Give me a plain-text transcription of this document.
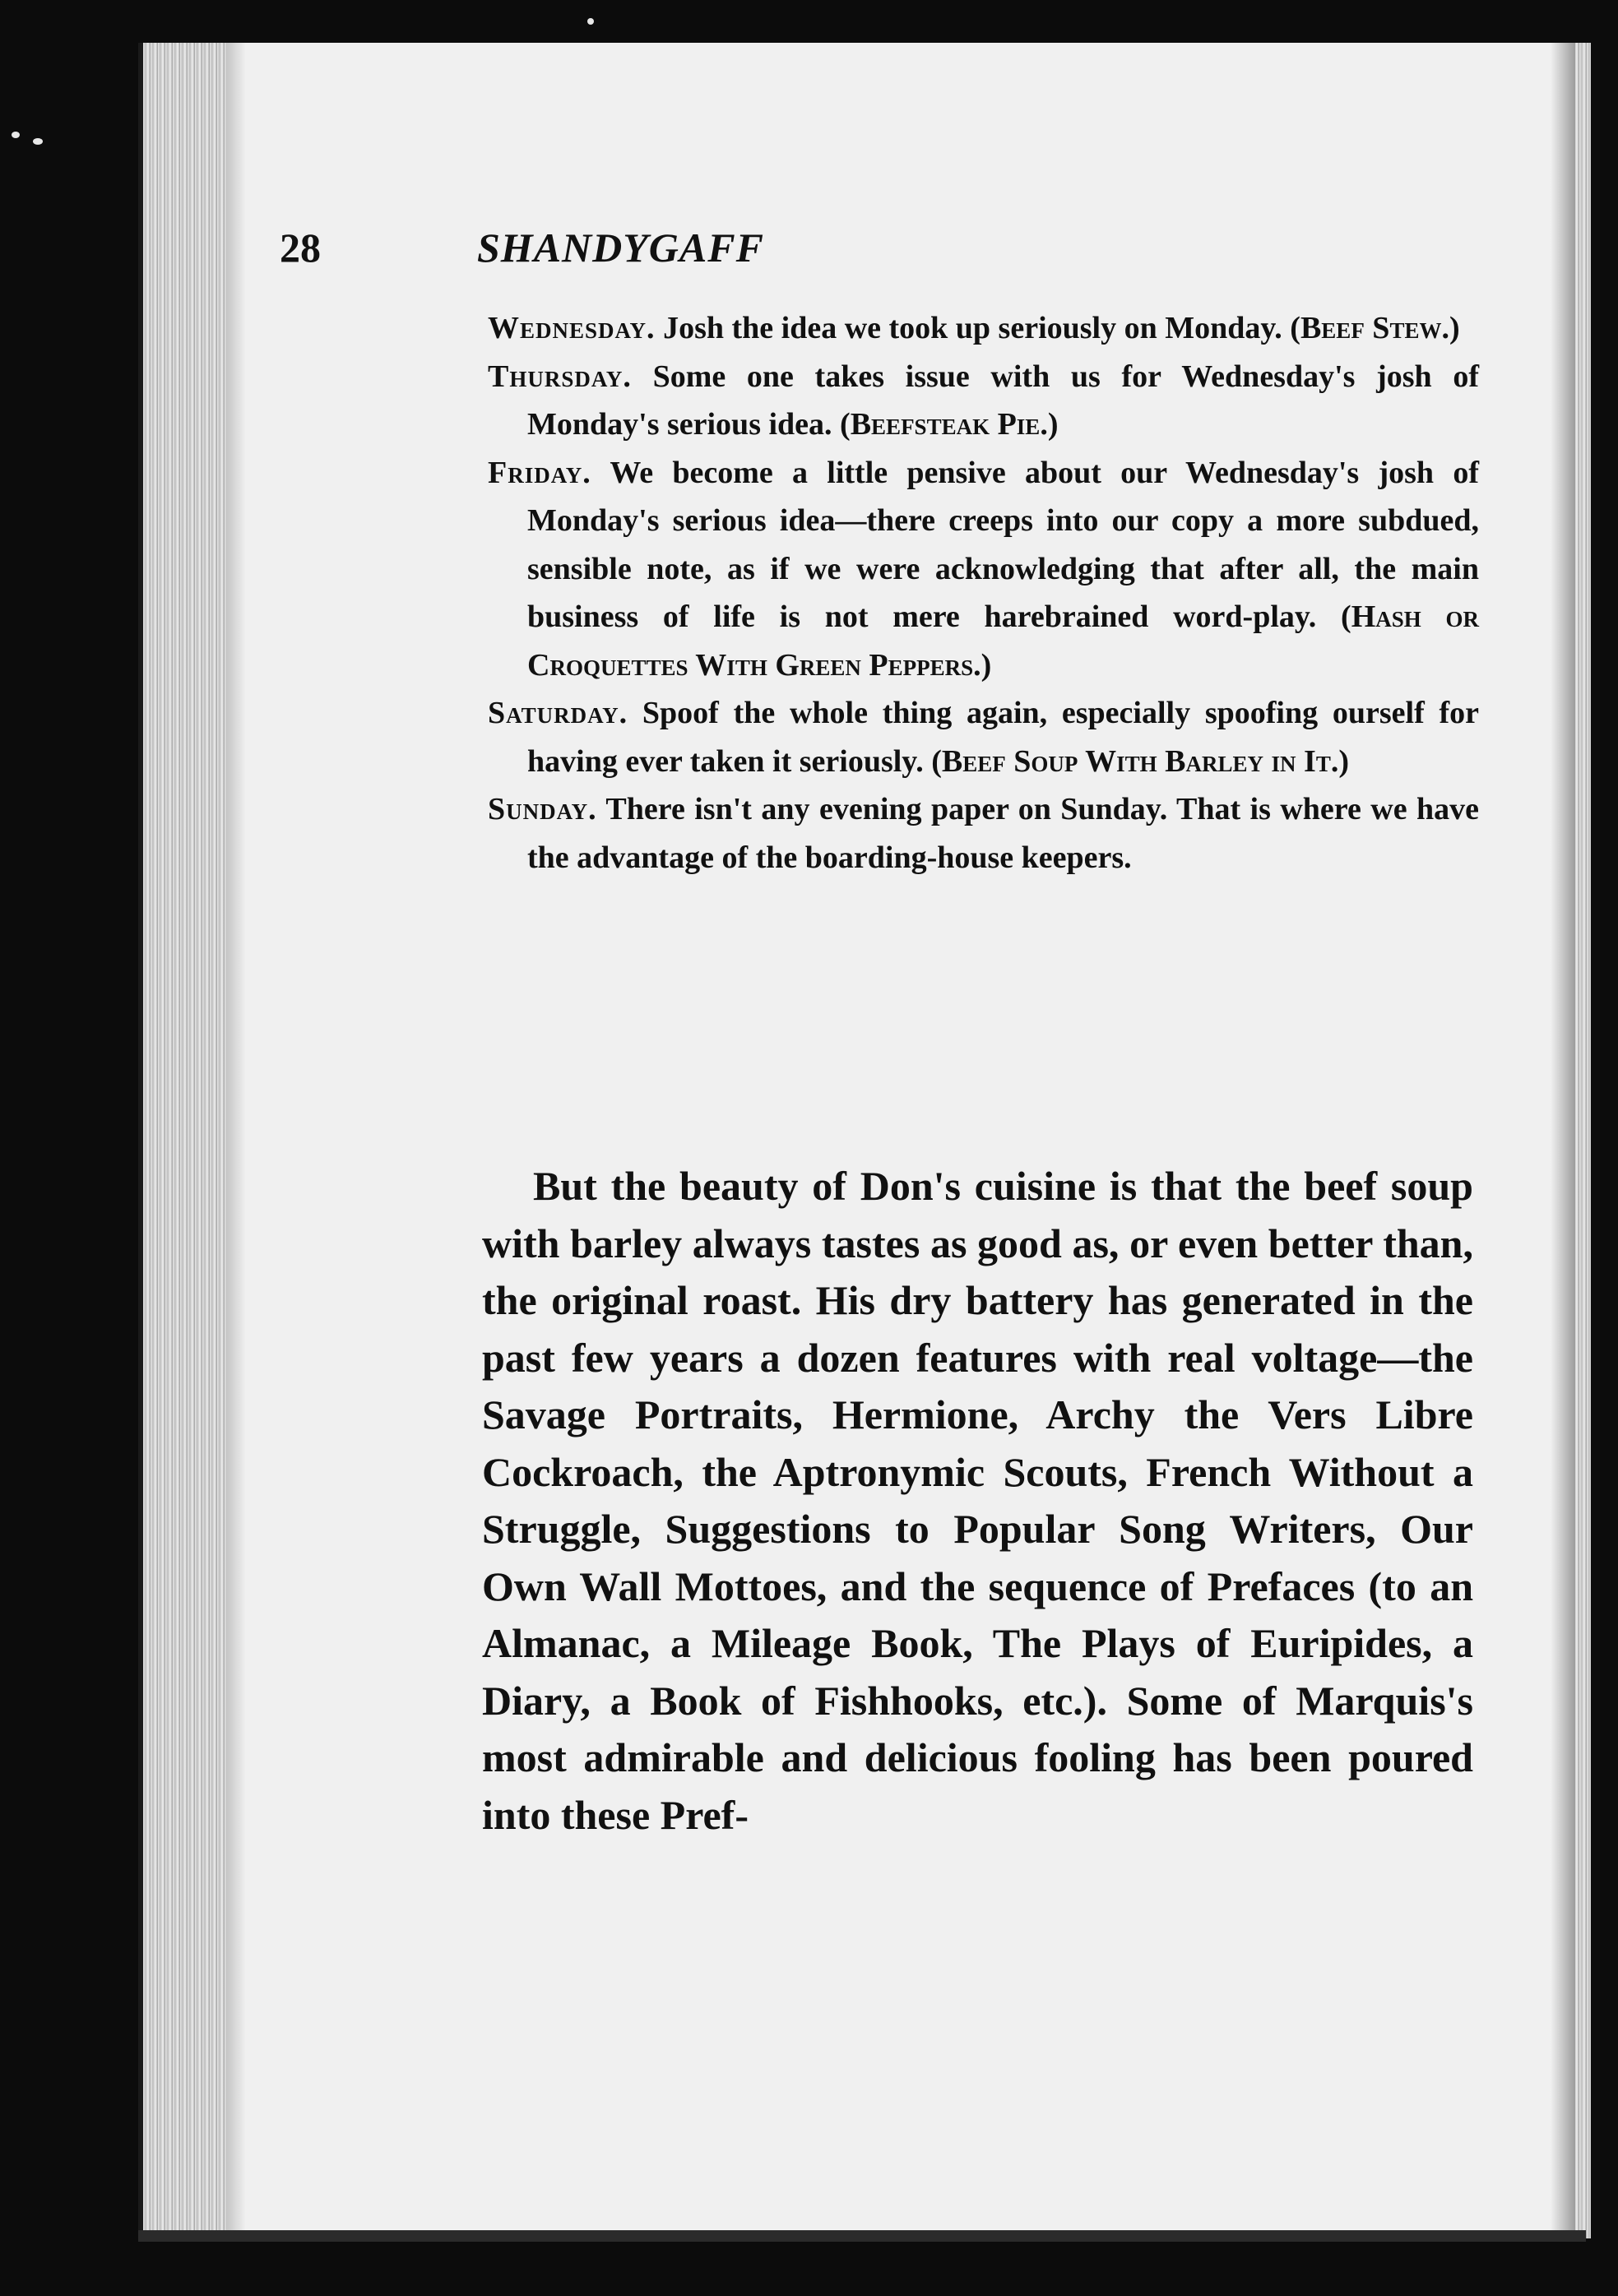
28	SHANDYGAFF
Wednesday. Josh the idea we took up seriously on Monday. (Beef Stew.)
Thursday. Some one takes issue with us for Wednesday's josh of Monday's serious idea. (Beefsteak Pie.)
Friday. We become a little pensive about our Wednesday's josh of Monday's serious idea—there creeps into our copy a more subdued, sensible note, as if we were acknowledging that after all, the main business of life is not mere harebrained word-play. (Hash or Croquettes With Green Peppers.)
Saturday. Spoof the whole thing again, especially spoofing ourself for having ever taken it seriously. (Beef Soup With Barley in It.)
Sunday. There isn't any evening paper on Sunday. That is where we have the advantage of the boarding-house keepers.

But the beauty of Don's cuisine is that the beef soup with barley always tastes as good as, or even better than, the original roast. His dry battery has generated in the past few years a dozen features with real voltage—the Savage Portraits, Hermione, Archy the Vers Libre Cockroach, the Aptronymic Scouts, French Without a Struggle, Suggestions to Popular Song Writers, Our Own Wall Mottoes, and the sequence of Prefaces (to an Almanac, a Mileage Book, The Plays of Euripides, a Diary, a Book of Fishhooks, etc.). Some of Marquis's most admirable and delicious fooling has been poured into these Pref-
